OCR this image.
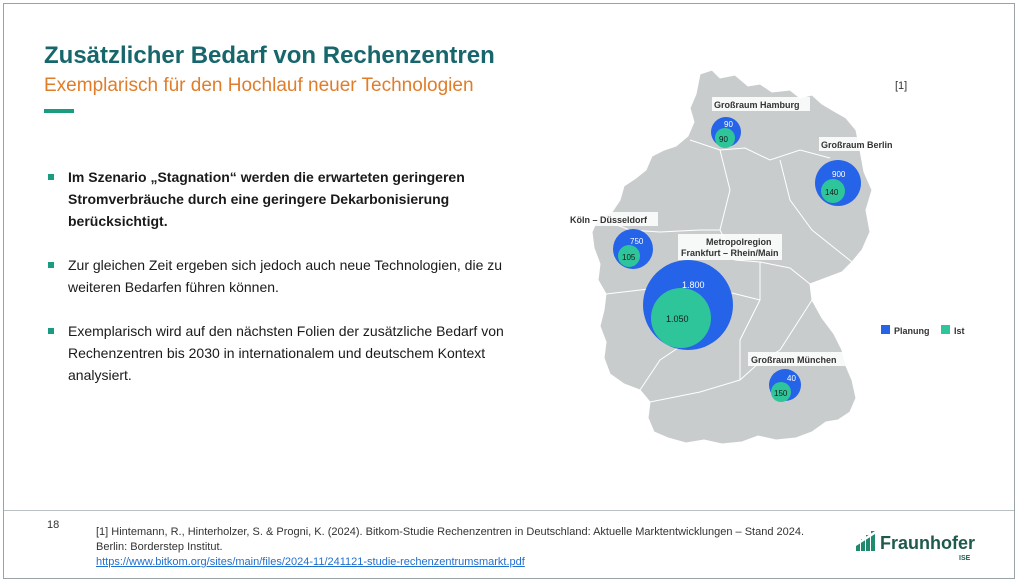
Zusätzlicher Bedarf von Rechenzentren
Exemplarisch für den Hochlauf neuer Technologien
Im Szenario „Stagnation“ werden die erwarteten geringeren Stromverbräuche durch eine geringere Dekarbonisierung berücksichtigt.
Zur gleichen Zeit ergeben sich jedoch auch neue Technologien, die zu weiteren Bedarfen führen können.
Exemplarisch wird auf den nächsten Folien der zusätzliche Bedarf von Rechenzentren bis 2030 in internationalem und deutschem Kontext analysiert.
[1]
Großraum Hamburg
Großraum Berlin
Köln – Düsseldorf
Metropolregion
Frankfurt – Rhein/Main
Großraum München
90
90
900
140
750
105
1.800
1.050
40
150
Planung	Ist
18
[1] Hintemann, R., Hinterholzer, S. & Progni, K. (2024). Bitkom-Studie Rechenzentren in Deutschland: Aktuelle Marktentwicklungen – Stand 2024. Berlin: Borderstep Institut.
https://www.bitkom.org/sites/main/files/2024-11/241121-studie-rechenzentrumsmarkt.pdf
Fraunhofer
ISE
